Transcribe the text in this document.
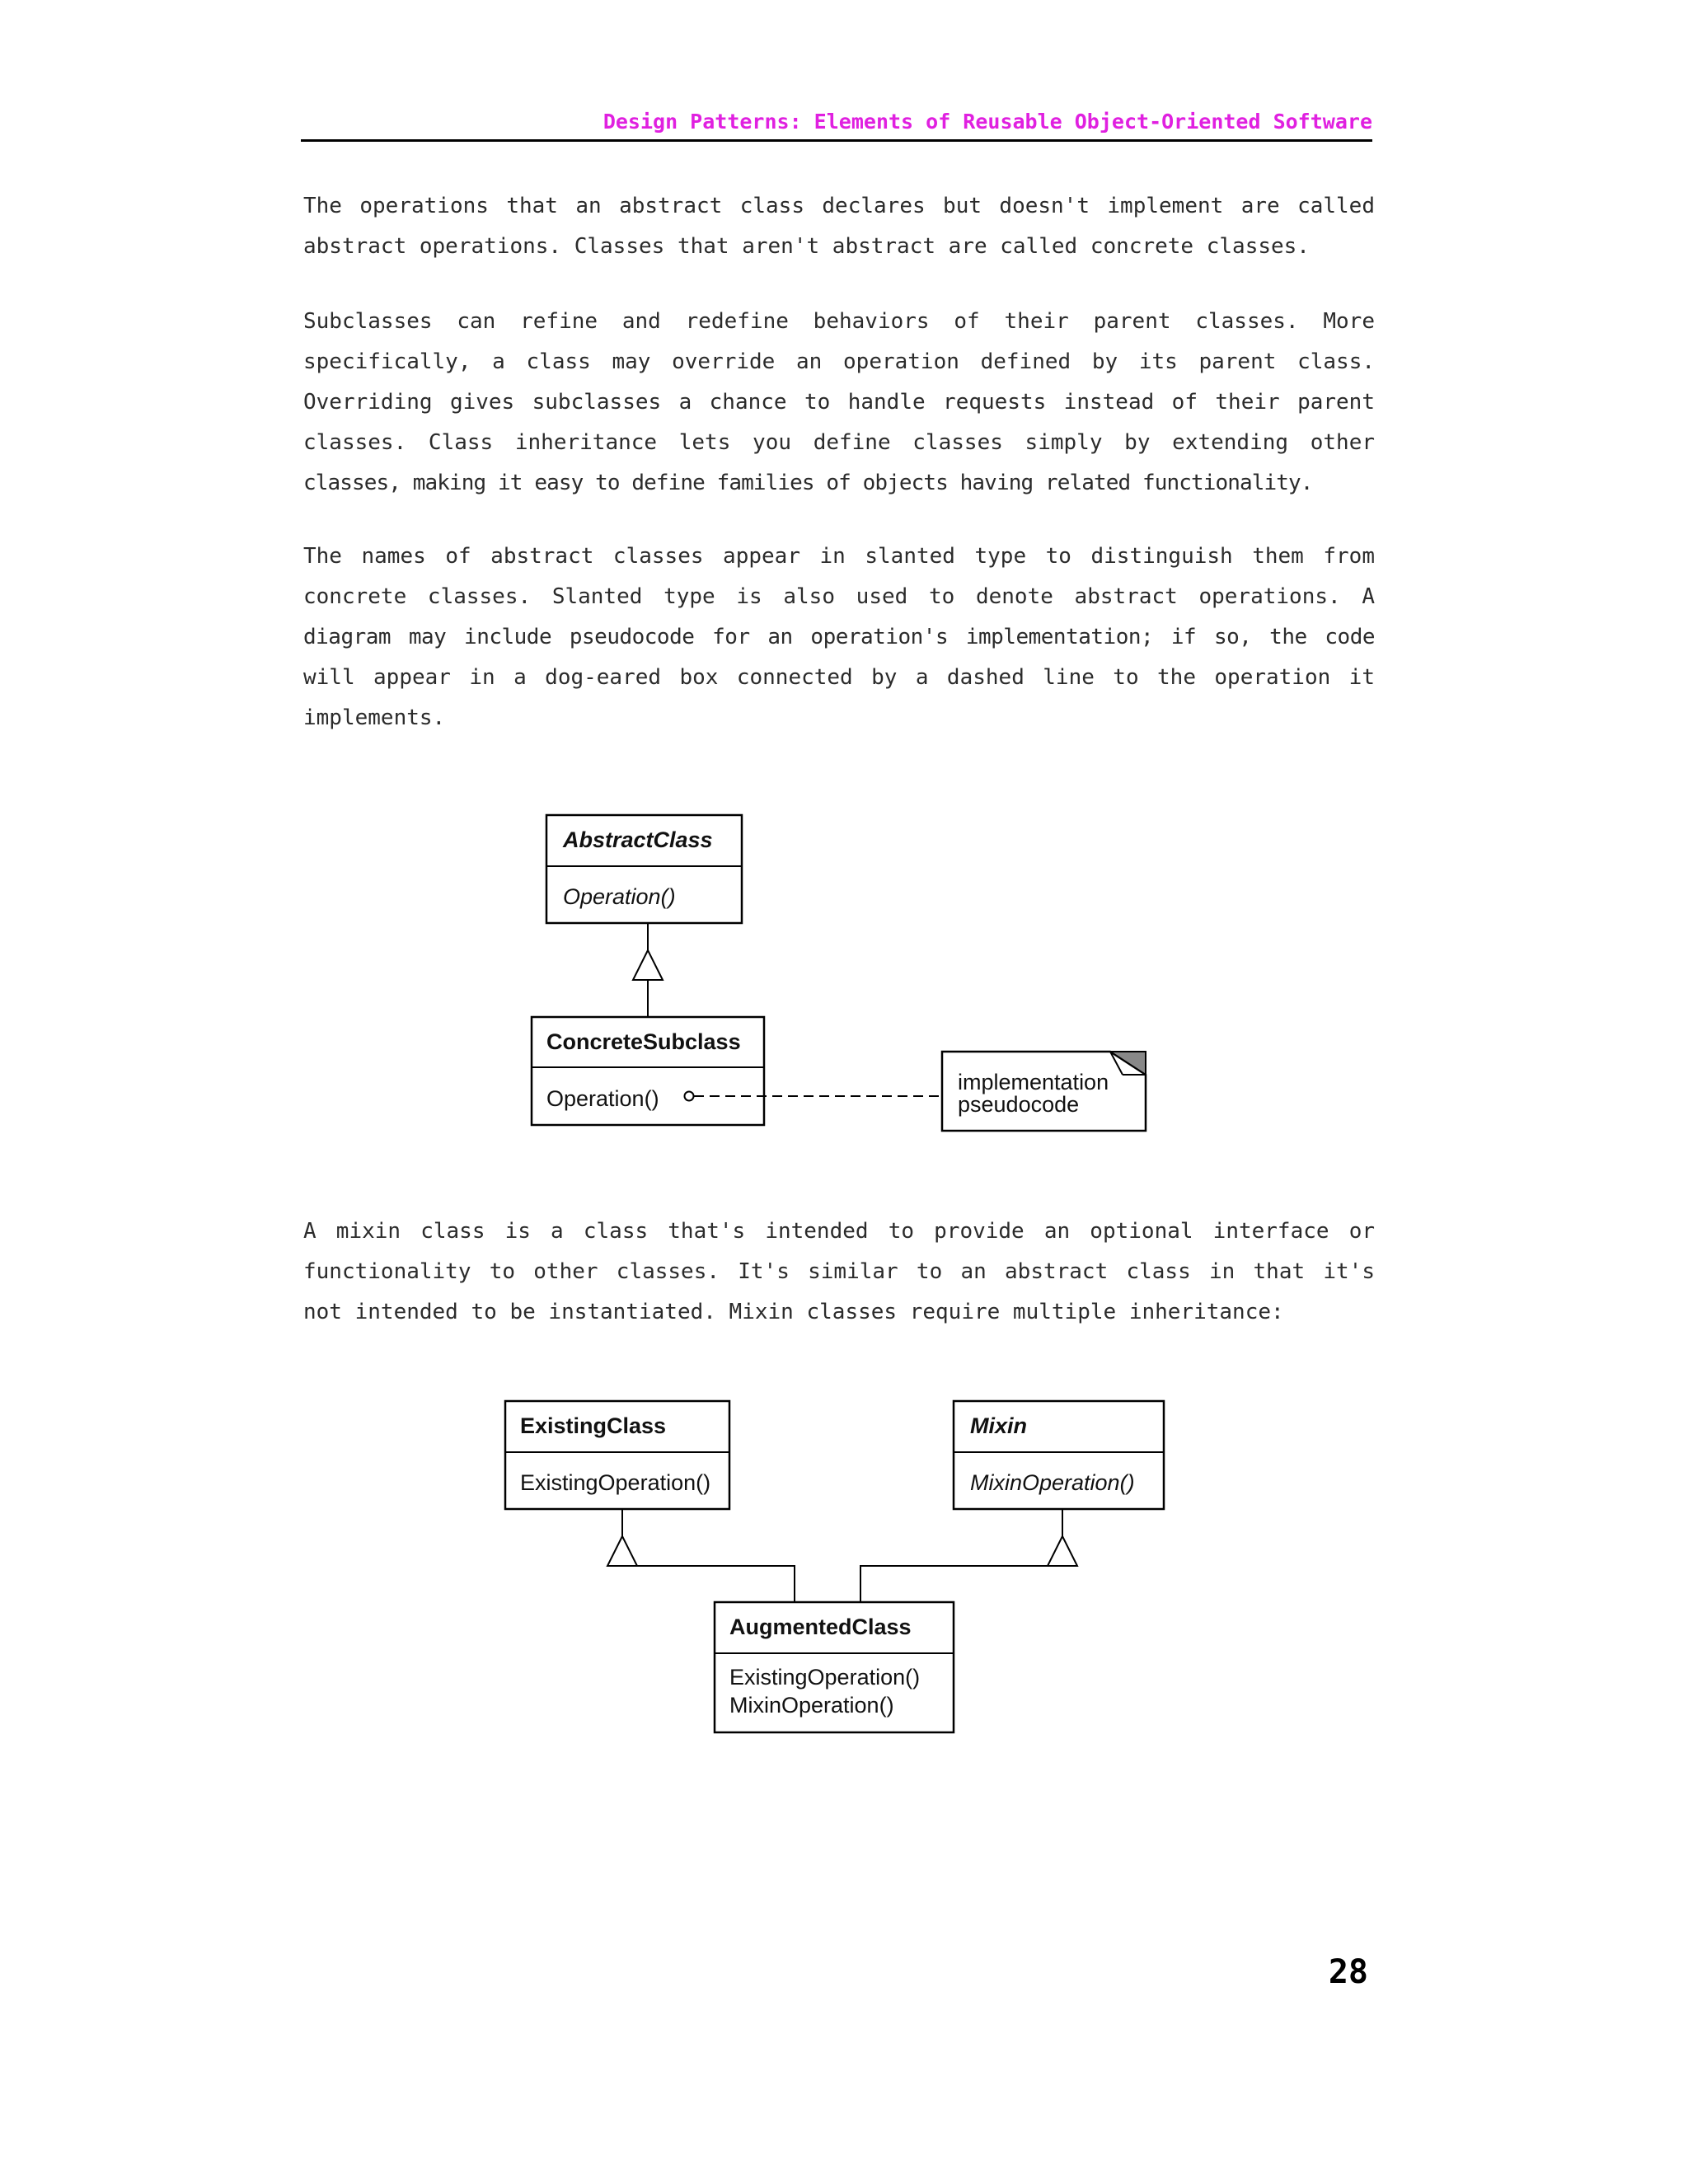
Design Patterns: Elements of Reusable Object-Oriented Software
The operations that an abstract class declares but doesn't implement are called
abstract operations. Classes that aren't abstract are called concrete classes.
Subclasses can refine and redefine behaviors of their parent classes. More
specifically, a class may override an operation defined by its parent class.
Overriding gives subclasses a chance to handle requests instead of their parent
classes. Class inheritance lets you define classes simply by extending other
classes, making it easy to define families of objects having related functionality.
The names of abstract classes appear in slanted type to distinguish them from
concrete classes. Slanted type is also used to denote abstract operations. A
diagram may include pseudocode for an operation's implementation; if so, the code
will appear in a dog-eared box connected by a dashed line to the operation it
implements.
AbstractClass
Operation()
ConcreteSubclass
Operation()
implementation
pseudocode
ExistingClass
ExistingOperation()
Mixin
MixinOperation()
AugmentedClass
ExistingOperation()
MixinOperation()
A mixin class is a class that's intended to provide an optional interface or
functionality to other classes. It's similar to an abstract class in that it's
not intended to be instantiated. Mixin classes require multiple inheritance:
28
